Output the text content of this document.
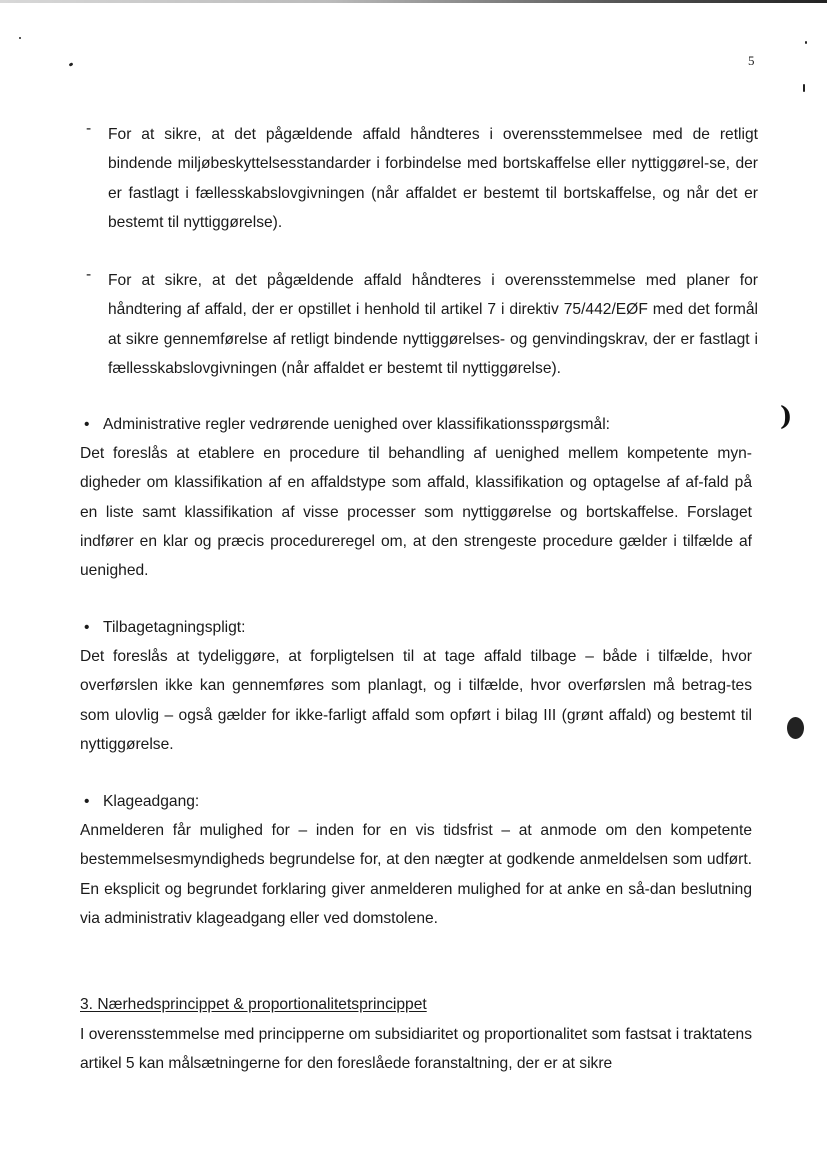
)
5
- For at sikre, at det pågældende affald håndteres i overensstemmelsee med de retligt bindende miljøbeskyttelsesstandarder i forbindelse med bortskaffelse eller nyttiggørel-se, der er fastlagt i fællesskabslovgivningen (når affaldet er bestemt til bortskaffelse, og når det er bestemt til nyttiggørelse).
- For at sikre, at det pågældende affald håndteres i overensstemmelse med planer for håndtering af affald, der er opstillet i henhold til artikel 7 i direktiv 75/442/EØF med det formål at sikre gennemførelse af retligt bindende nyttiggørelses- og genvindingskrav, der er fastlagt i fællesskabslovgivningen (når affaldet er bestemt til nyttiggørelse).
• Administrative regler vedrørende uenighed over klassifikationsspørgsmål:
Det foreslås at etablere en procedure til behandling af uenighed mellem kompetente myn-digheder om klassifikation af en affaldstype som affald, klassifikation og optagelse af af-fald på en liste samt klassifikation af visse processer som nyttiggørelse og bortskaffelse. Forslaget indfører en klar og præcis procedureregel om, at den strengeste procedure gælder i tilfælde af uenighed.
• Tilbagetagningspligt:
Det foreslås at tydeliggøre, at forpligtelsen til at tage affald tilbage – både i tilfælde, hvor overførslen ikke kan gennemføres som planlagt, og i tilfælde, hvor overførslen må betrag-tes som ulovlig – også gælder for ikke-farligt affald som opført i bilag III (grønt affald) og bestemt til nyttiggørelse.
• Klageadgang:
Anmelderen får mulighed for – inden for en vis tidsfrist – at anmode om den kompetente bestemmelsesmyndigheds begrundelse for, at den nægter at godkende anmeldelsen som udført. En eksplicit og begrundet forklaring giver anmelderen mulighed for at anke en så-dan beslutning via administrativ klageadgang eller ved domstolene.
3. Nærhedsprincippet & proportionalitetsprincippet
I overensstemmelse med principperne om subsidiaritet og proportionalitet som fastsat i traktatens artikel 5 kan målsætningerne for den foreslåede foranstaltning, der er at sikre
